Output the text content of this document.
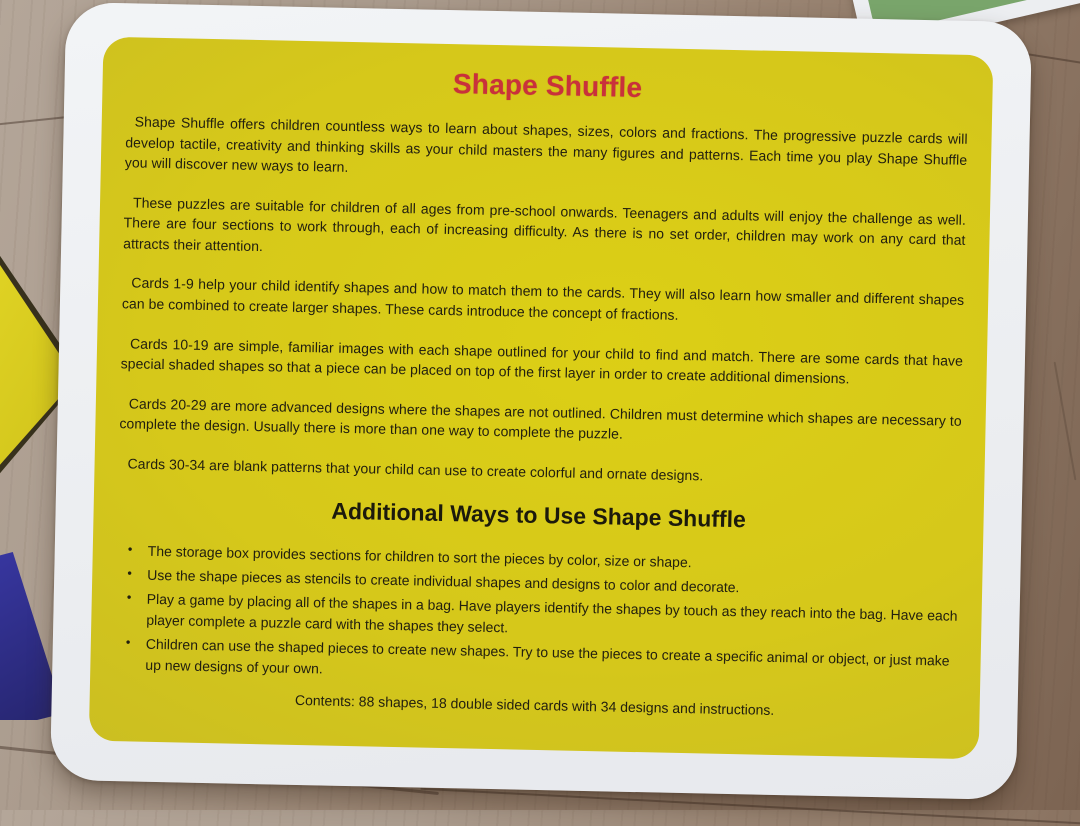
Shape Shuffle

Shape Shuffle offers children countless ways to learn about shapes, sizes, colors and fractions. The progressive puzzle cards will develop tactile, creativity and thinking skills as your child masters the many figures and patterns. Each time you play Shape Shuffle you will discover new ways to learn.

These puzzles are suitable for children of all ages from pre-school onwards. Teenagers and adults will enjoy the challenge as well. There are four sections to work through, each of increasing difficulty. As there is no set order, children may work on any card that attracts their attention.

Cards 1-9 help your child identify shapes and how to match them to the cards. They will also learn how smaller and different shapes can be combined to create larger shapes. These cards introduce the concept of fractions.

Cards 10-19 are simple, familiar images with each shape outlined for your child to find and match. There are some cards that have special shaded shapes so that a piece can be placed on top of the first layer in order to create additional dimensions.

Cards 20-29 are more advanced designs where the shapes are not outlined. Children must determine which shapes are necessary to complete the design. Usually there is more than one way to complete the puzzle.

Cards 30-34 are blank patterns that your child can use to create colorful and ornate designs.

Additional Ways to Use Shape Shuffle
• The storage box provides sections for children to sort the pieces by color, size or shape.
• Use the shape pieces as stencils to create individual shapes and designs to color and decorate.
• Play a game by placing all of the shapes in a bag. Have players identify the shapes by touch as they reach into the bag. Have each player complete a puzzle card with the shapes they select.
• Children can use the shaped pieces to create new shapes. Try to use the pieces to create a specific animal or object, or just make up new designs of your own.
Contents: 88 shapes, 18 double sided cards with 34 designs and instructions.
